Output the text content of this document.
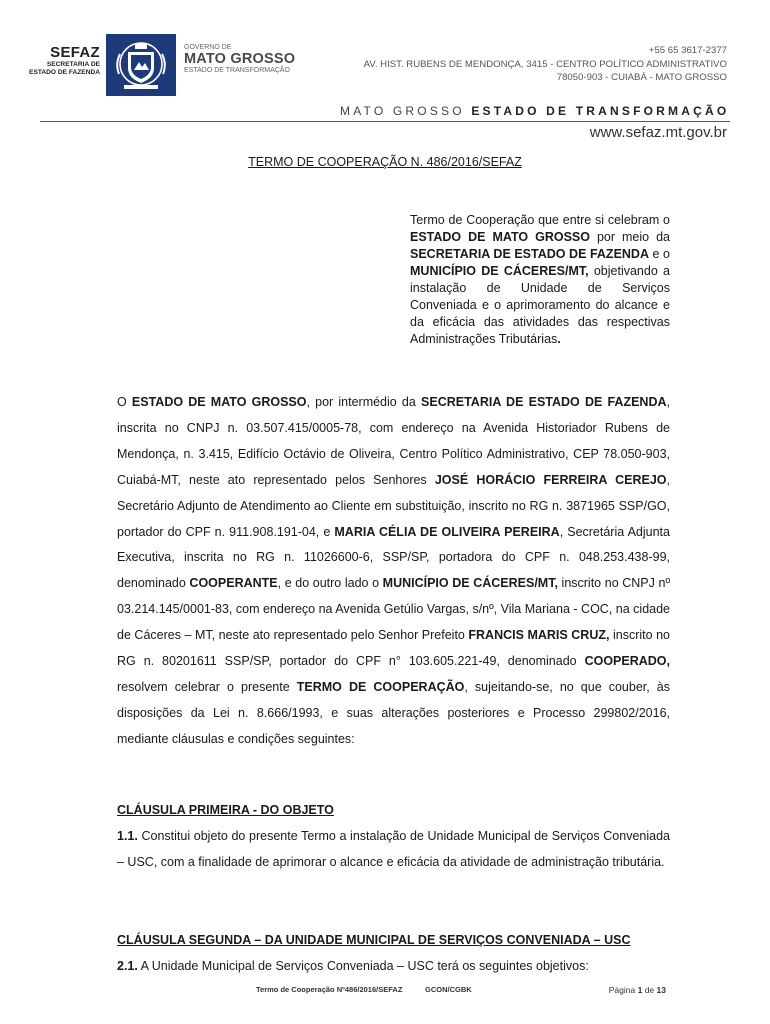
SEFAZ
SECRETARIA DE
ESTADO DE FAZENDA
GOVERNO DE
MATO GROSSO
ESTADO DE TRANSFORMAÇÃO
+55 65 3617-2377
AV. HIST. RUBENS DE MENDONÇA, 3415 - CENTRO POLÍTICO ADMINISTRATIVO
78050-903 - CUIABÁ - MATO GROSSO
MATO GROSSO ESTADO DE TRANSFORMAÇÃO
www.sefaz.mt.gov.br
TERMO DE COOPERAÇÃO N. 486/2016/SEFAZ
Termo de Cooperação que entre si celebram o ESTADO DE MATO GROSSO por meio da SECRETARIA DE ESTADO DE FAZENDA e o MUNICÍPIO DE CÁCERES/MT, objetivando a instalação de Unidade de Serviços Conveniada e o aprimoramento do alcance e da eficácia das atividades das respectivas Administrações Tributárias.
O ESTADO DE MATO GROSSO, por intermédio da SECRETARIA DE ESTADO DE FAZENDA, inscrita no CNPJ n. 03.507.415/0005-78, com endereço na Avenida Historiador Rubens de Mendonça, n. 3.415, Edifício Octávio de Oliveira, Centro Político Administrativo, CEP 78.050-903, Cuiabá-MT, neste ato representado pelos Senhores JOSÉ HORÁCIO FERREIRA CEREJO, Secretário Adjunto de Atendimento ao Cliente em substituição, inscrito no RG n. 3871965 SSP/GO, portador do CPF n. 911.908.191-04, e MARIA CÉLIA DE OLIVEIRA PEREIRA, Secretária Adjunta Executiva, inscrita no RG n. 11026600-6, SSP/SP, portadora do CPF n. 048.253.438-99, denominado COOPERANTE, e do outro lado o MUNICÍPIO DE CÁCERES/MT, inscrito no CNPJ nº 03.214.145/0001-83, com endereço na Avenida Getúlio Vargas, s/nº, Vila Mariana - COC, na cidade de Cáceres – MT, neste ato representado pelo Senhor Prefeito FRANCIS MARIS CRUZ, inscrito no RG n. 80201611 SSP/SP, portador do CPF n° 103.605.221-49, denominado COOPERADO, resolvem celebrar o presente TERMO DE COOPERAÇÃO, sujeitando-se, no que couber, às disposições da Lei n. 8.666/1993, e suas alterações posteriores e Processo 299802/2016, mediante cláusulas e condições seguintes:
CLÁUSULA PRIMEIRA - DO OBJETO
1.1. Constitui objeto do presente Termo a instalação de Unidade Municipal de Serviços Conveniada – USC, com a finalidade de aprimorar o alcance e eficácia da atividade de administração tributária.
CLÁUSULA SEGUNDA – DA UNIDADE MUNICIPAL DE SERVIÇOS CONVENIADA – USC
2.1. A Unidade Municipal de Serviços Conveniada – USC terá os seguintes objetivos:
Termo de Cooperação Nº486/2016/SEFAZ	GCON/CGBK	Página 1 de 13
